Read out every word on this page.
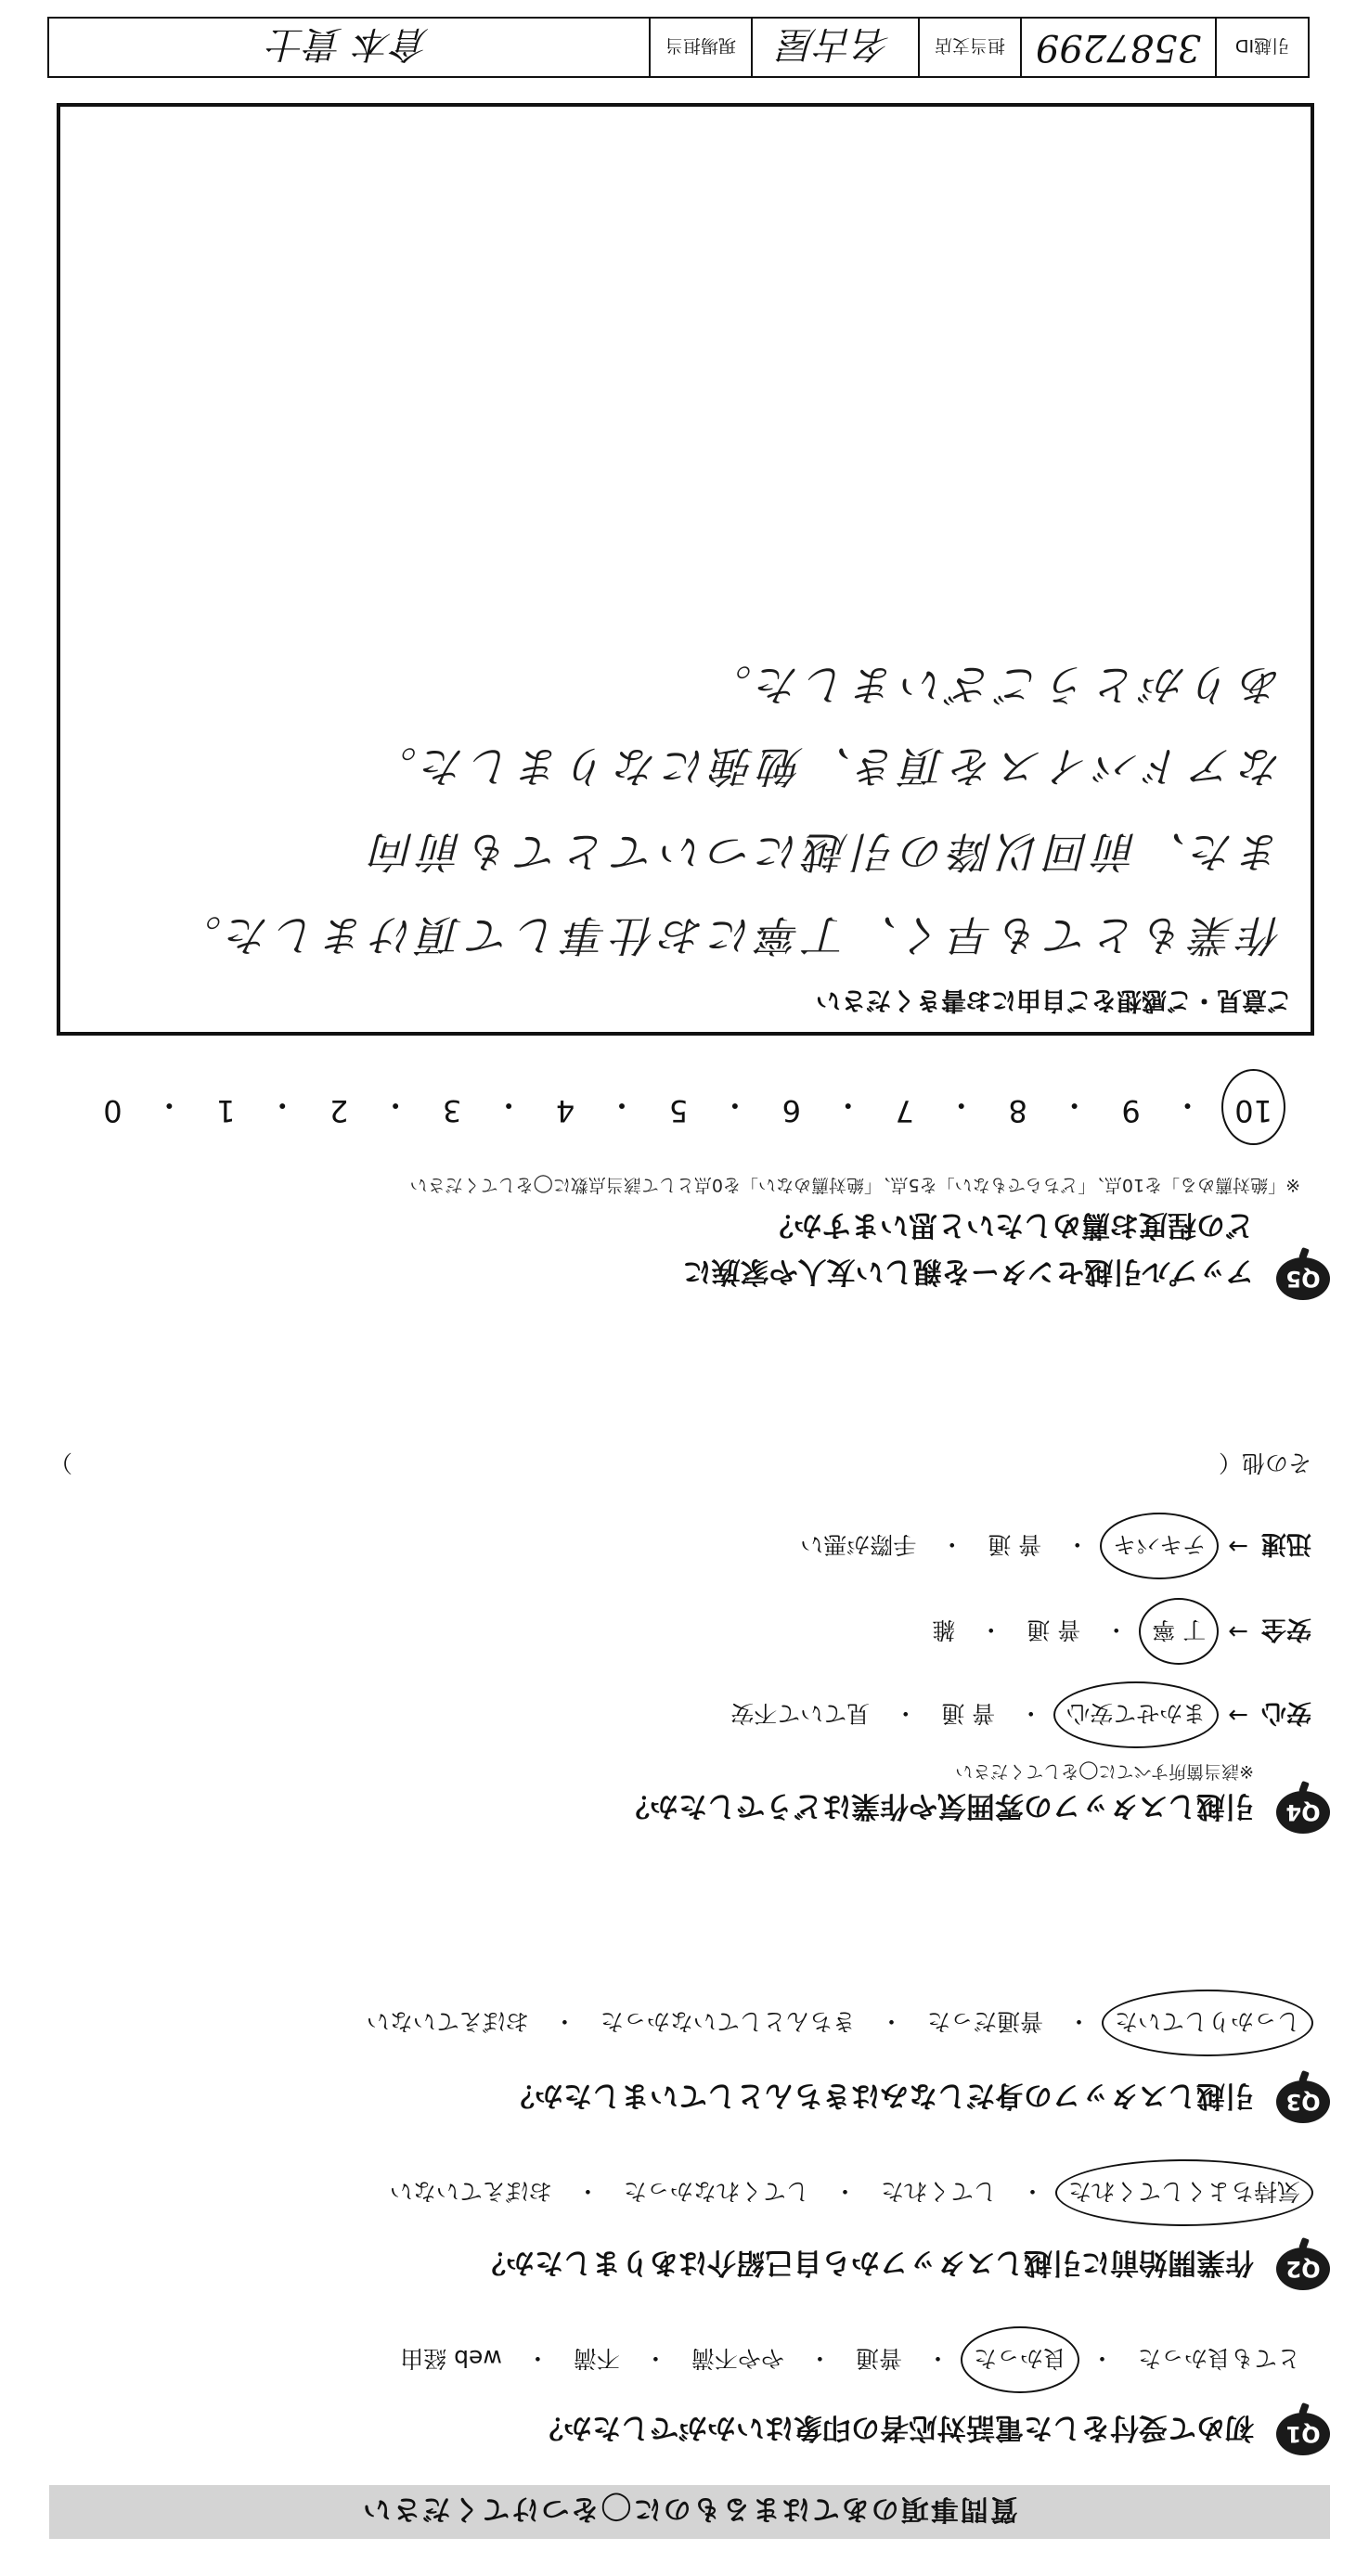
質問事項のあてはまるものに◯をつけてください
Q1
初めて受付をした電話対応者の印象はいかがでしたか？
とても良かった
・
良かった
・
普通
・
やや不満
・
不満
・
web 経由
Q2
作業開始前に引越しスタッフから自己紹介はありましたか？
気持ちよくしてくれた
・
してくれた
・
してくれなかった
・
おぼえていない
Q3
引越しスタッフの身だしなみはきちんとしていましたか？
しっかりしていた
・
普通だった
・
きちんとしていなかった
・
おぼえていない
Q4
引越しスタッフの雰囲気や作業はどうでしたか？
※該当箇所すべてに◯をしてください
安心
→
まかせて安心
・
普 通
・
見ていて不安
安全
→
丁 寧
・
普 通
・
雑
迅速
→
テキパキ
・
普 通
・
手際が悪い
その他（
）
Q5
アップル引越センターを親しい友人や家族に
どの程度お薦めしたいと思いますか？
※「絶対薦める」を10点、「どちらでもない」を5点、「絶対薦めない」を0点として該当点数に◯をしてください
10
・
9
・
8
・
7
・
6
・
5
・
4
・
3
・
2
・
1
・
0
ご意見・ご感想をご自由にお書きください
作業もとても早く、丁寧にお仕事して頂けました。
また、前回以降の引越についてとても前向
なアドバイスを頂き、勉強になりました。
ありがとうございました。
引越ID
3587299
担当支店
名古屋
現場担当
倉本 貴士
